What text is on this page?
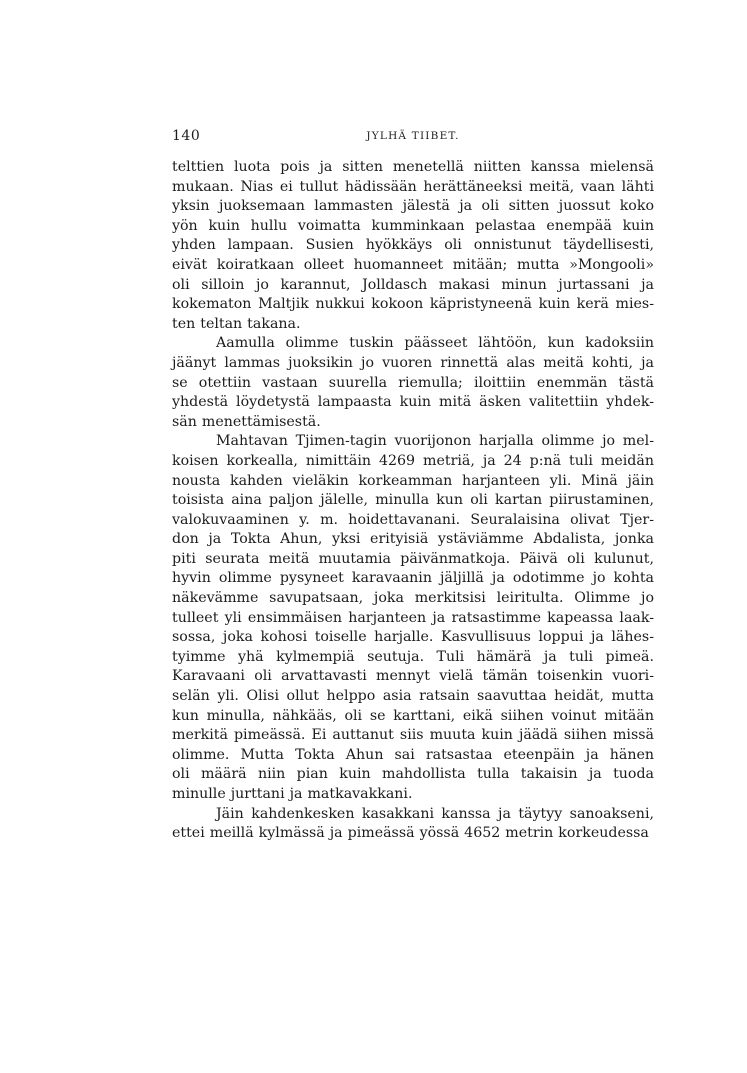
140	JYLHÄ TIIBET.
telttien luota pois ja sitten menetellä niitten kanssa mielensä
mukaan. Nias ei tullut hädissään herättäneeksi meitä, vaan lähti
yksin juoksemaan lammasten jälestä ja oli sitten juossut koko
yön kuin hullu voimatta kumminkaan pelastaa enempää kuin
yhden lampaan. Susien hyökkäys oli onnistunut täydellisesti,
eivät koiratkaan olleet huomanneet mitään; mutta »Mongooli»
oli silloin jo karannut, Jolldasch makasi minun jurtassani ja
kokematon Maltjik nukkui kokoon käpristyneenä kuin kerä mies-
ten teltan takana.
Aamulla olimme tuskin päässeet lähtöön, kun kadoksiin
jäänyt lammas juoksikin jo vuoren rinnettä alas meitä kohti, ja
se otettiin vastaan suurella riemulla; iloittiin enemmän tästä
yhdestä löydetystä lampaasta kuin mitä äsken valitettiin yhdek-
sän menettämisestä.
Mahtavan Tjimen-tagin vuorijonon harjalla olimme jo mel-
koisen korkealla, nimittäin 4269 metriä, ja 24 p:nä tuli meidän
noustа kahden vieläkin korkeamman harjanteen yli. Minä jäin
toisista aina paljon jälelle, minulla kun oli kartan piirustaminen,
valokuvaaminen y. m. hoidettavanani. Seuralaisina olivat Tjer-
don ja Tokta Ahun, yksi erityisiä ystäviämme Abdalista, jonka
piti seurata meitä muutamia päivänmatkoja. Päivä oli kulunut,
hyvin olimme pysyneet karavaanin jäljillä ja odotimme jo kohta
näkevämme savupatsaan, joka merkitsisi leiritulta. Olimme jo
tulleet yli ensimmäisen harjanteen ja ratsastimme kapeassa laak-
sossa, joka kohosi toiselle harjalle. Kasvullisuus loppui ja lähes-
tyimme yhä kylmempiä seutuja. Tuli hämärä ja tuli pimeä.
Karavaani oli arvattavasti mennyt vielä tämän toisenkin vuori-
selän yli. Olisi ollut helppo asia ratsain saavuttaa heidät, mutta
kun minulla, nähkääs, oli se karttani, eikä siihen voinut mitään
merkitä pimeässä. Ei auttanut siis muuta kuin jäädä siihen missä
olimme. Mutta Tokta Ahun sai ratsastaa eteenpäin ja hänen
oli määrä niin pian kuin mahdollista tulla takaisin ja tuoda
minulle jurttani ja matkavakkani.
Jäin kahdenkesken kasakkani kanssa ja täytyy sanoakseni,
ettei meillä kylmässä ja pimeässä yössä 4652 metrin korkeudessa
